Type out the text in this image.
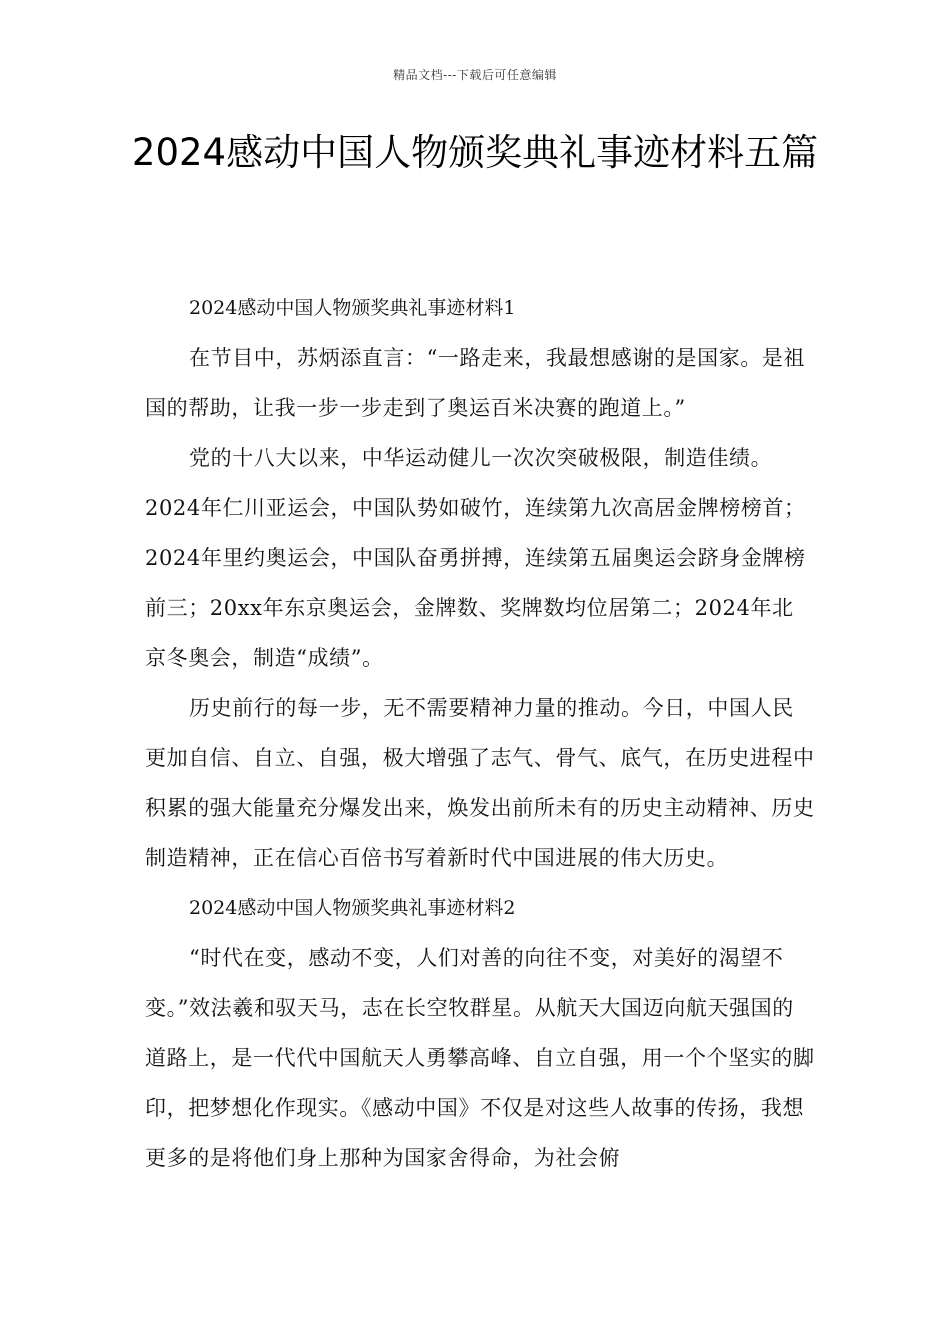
精品文档---下载后可任意编辑
2024感动中国人物颁奖典礼事迹材料五篇

2024感动中国人物颁奖典礼事迹材料1

在节目中，苏炳添直言：“一路走来，我最想感谢的是国家。是祖国的帮助，让我一步一步走到了奥运百米决赛的跑道上。”

党的十八大以来，中华运动健儿一次次突破极限，制造佳绩。2024年仁川亚运会，中国队势如破竹，连续第九次高居金牌榜榜首；2024年里约奥运会，中国队奋勇拼搏，连续第五届奥运会跻身金牌榜前三；20xx年东京奥运会，金牌数、奖牌数均位居第二；2024年北京冬奥会，制造“成绩”。

历史前行的每一步，无不需要精神力量的推动。今日，中国人民更加自信、自立、自强，极大增强了志气、骨气、底气，在历史进程中积累的强大能量充分爆发出来，焕发出前所未有的历史主动精神、历史制造精神，正在信心百倍书写着新时代中国进展的伟大历史。

2024感动中国人物颁奖典礼事迹材料2

“时代在变，感动不变，人们对善的向往不变，对美好的渴望不变。”效法羲和驭天马，志在长空牧群星。从航天大国迈向航天强国的道路上，是一代代中国航天人勇攀高峰、自立自强，用一个个坚实的脚印，把梦想化作现实。《感动中国》不仅是对这些人故事的传扬，我想更多的是将他们身上那种为国家舍得命，为社会俯
